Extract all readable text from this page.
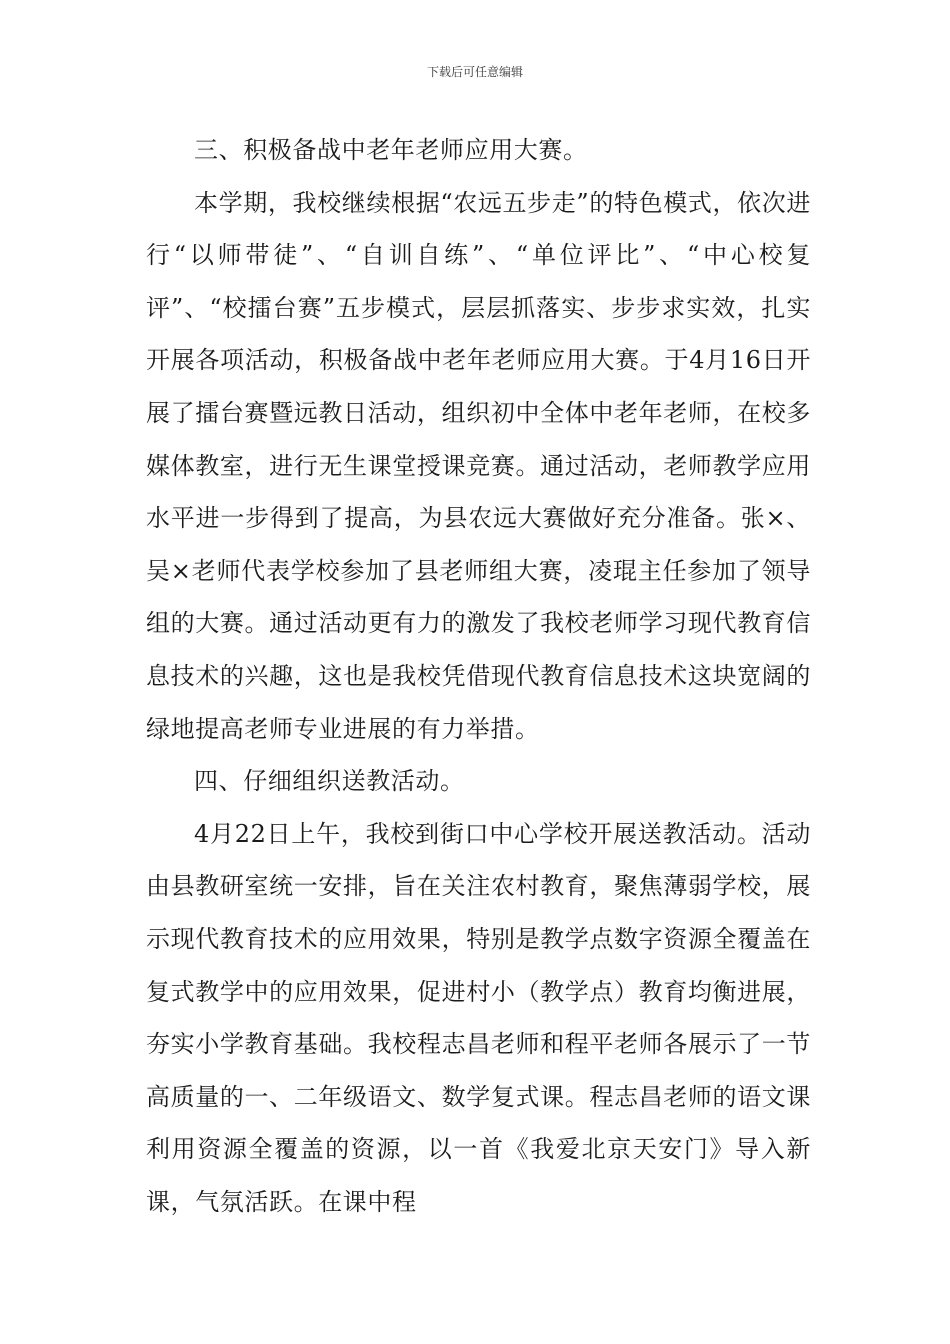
下载后可任意编辑

三、积极备战中老年老师应用大赛。

本学期，我校继续根据“农远五步走”的特色模式，依次进行“以师带徒”、“自训自练”、“单位评比”、“中心校复评”、“校擂台赛”五步模式，层层抓落实、步步求实效，扎实开展各项活动，积极备战中老年老师应用大赛。于4月16日开展了擂台赛暨远教日活动，组织初中全体中老年老师，在校多媒体教室，进行无生课堂授课竞赛。通过活动，老师教学应用水平进一步得到了提高，为县农远大赛做好充分准备。张×、吴×老师代表学校参加了县老师组大赛，凌琨主任参加了领导组的大赛。通过活动更有力的激发了我校老师学习现代教育信息技术的兴趣，这也是我校凭借现代教育信息技术这块宽阔的绿地提高老师专业进展的有力举措。

四、仔细组织送教活动。

4月22日上午，我校到街口中心学校开展送教活动。活动由县教研室统一安排，旨在关注农村教育，聚焦薄弱学校，展示现代教育技术的应用效果，特别是教学点数字资源全覆盖在复式教学中的应用效果，促进村小（教学点）教育均衡进展，夯实小学教育基础。我校程志昌老师和程平老师各展示了一节高质量的一、二年级语文、数学复式课。程志昌老师的语文课利用资源全覆盖的资源，以一首《我爱北京天安门》导入新课，气氛活跃。在课中程
